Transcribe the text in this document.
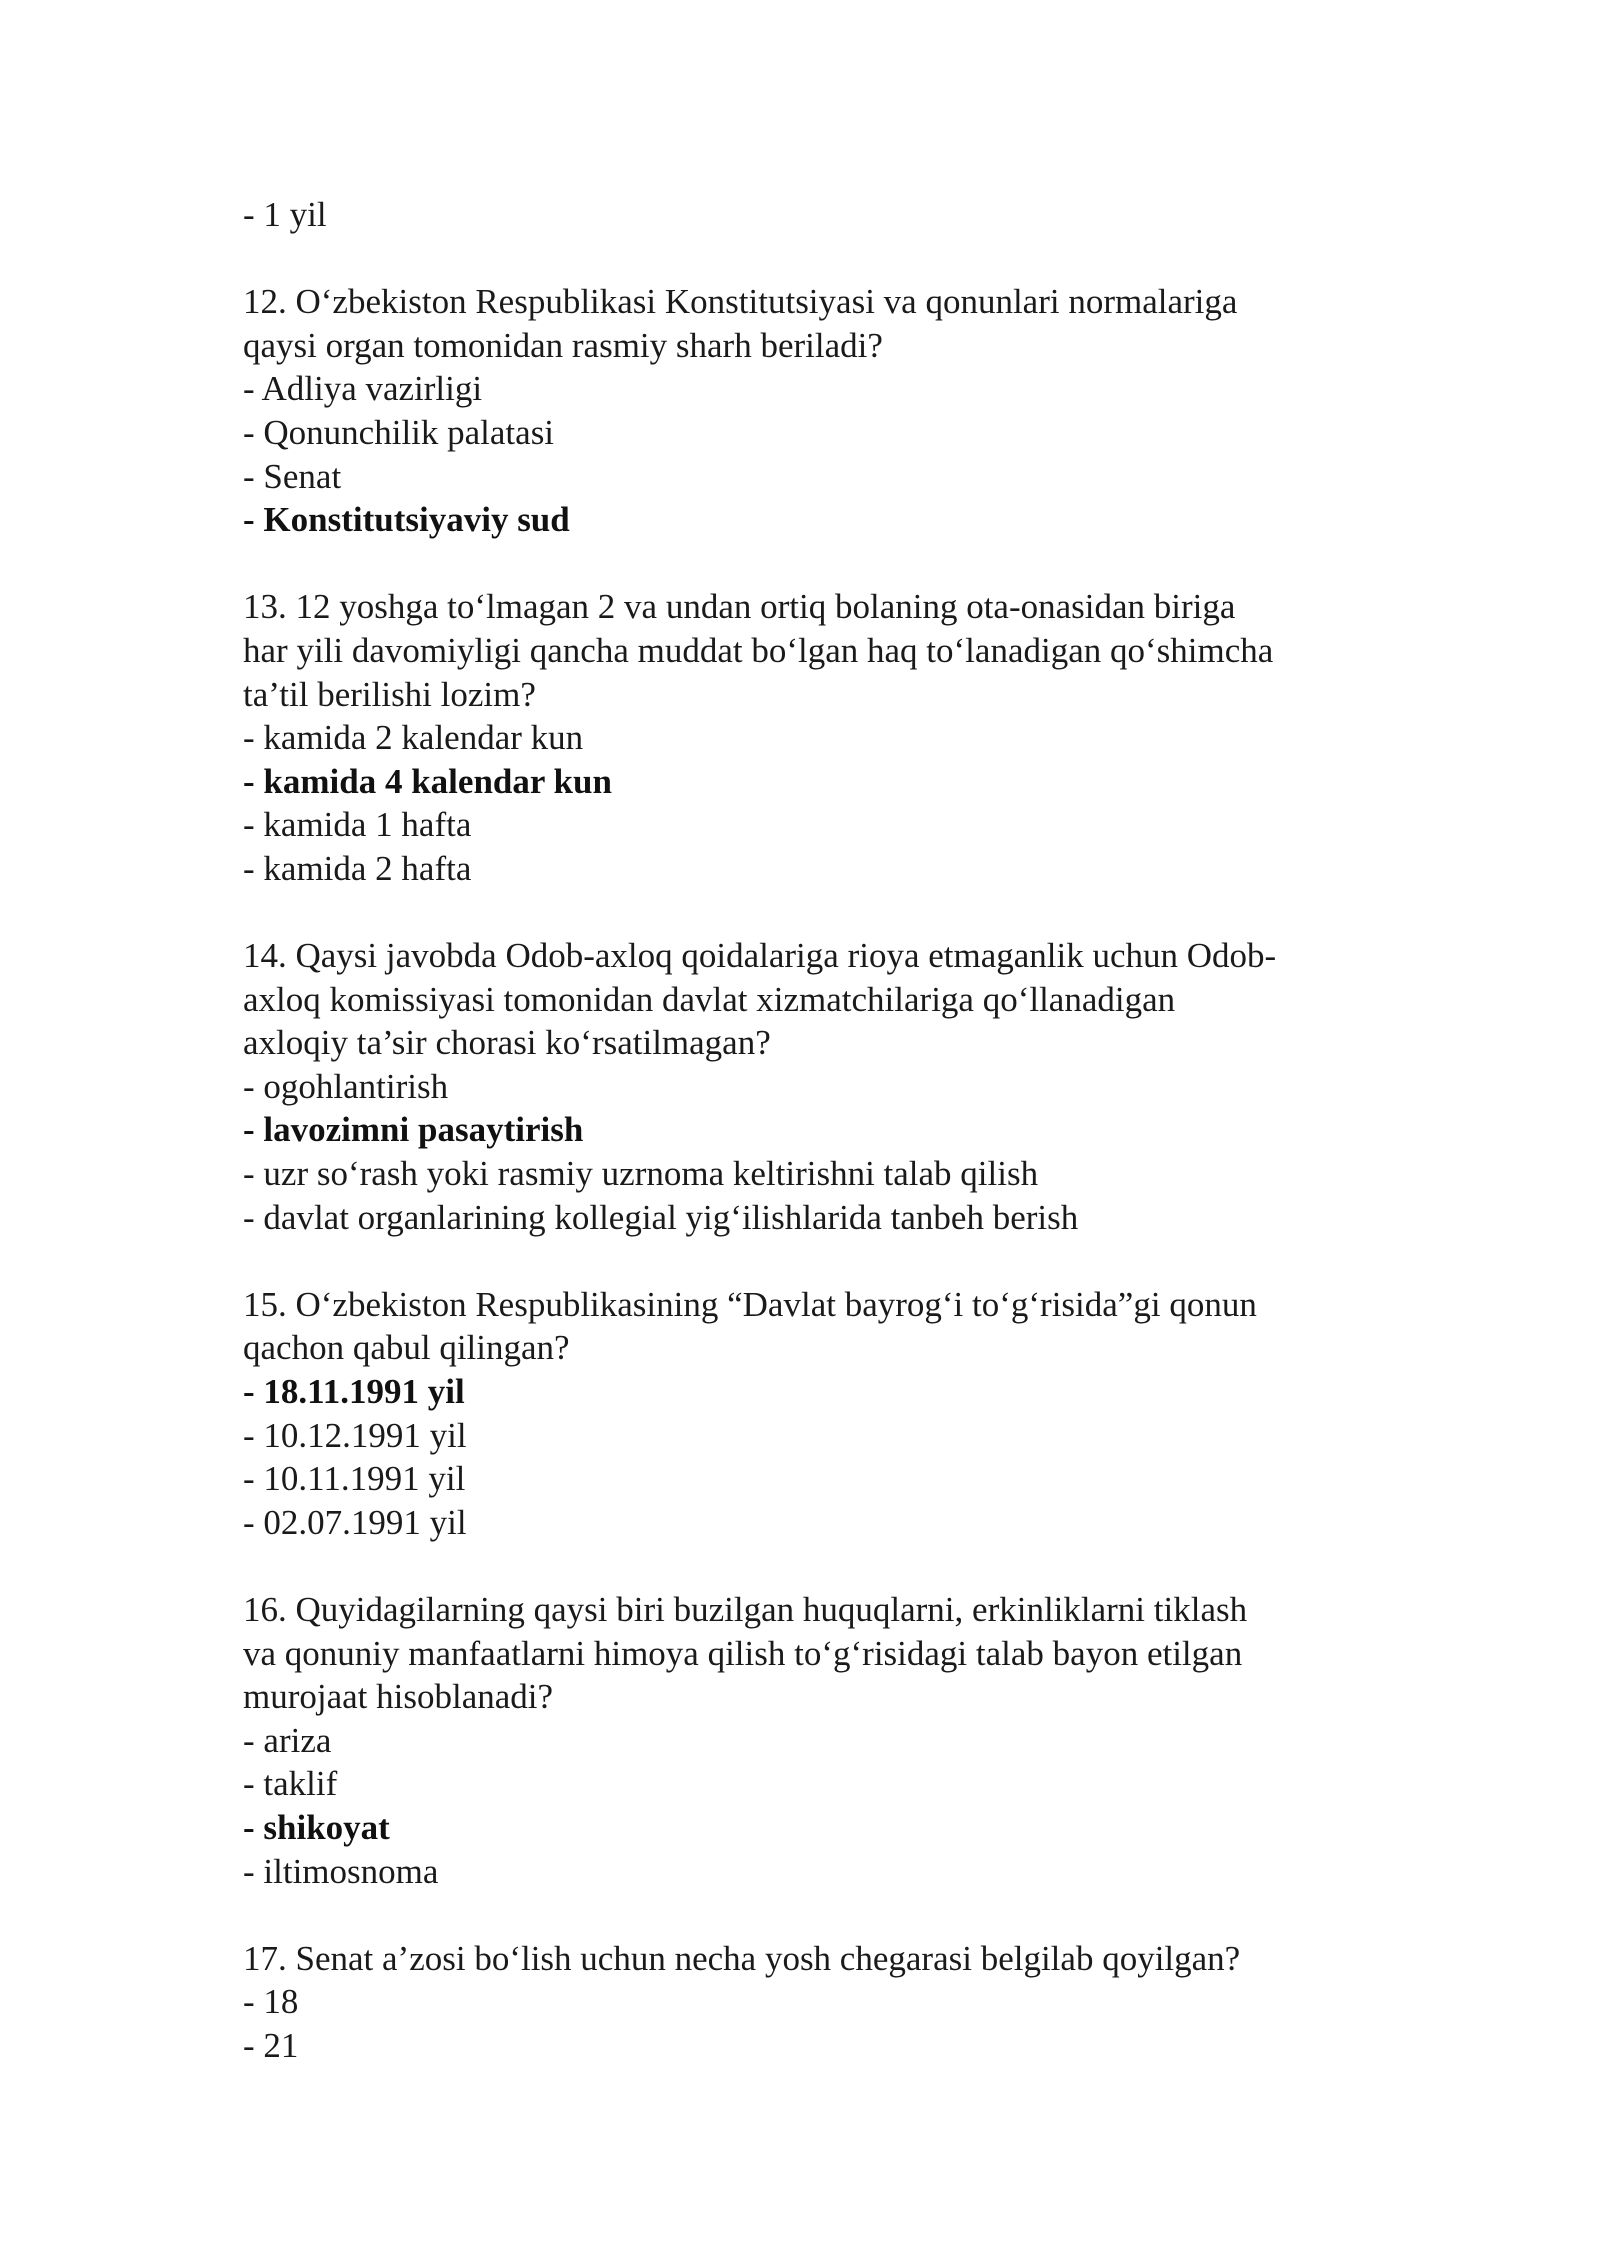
- 1 yil

12. O‘zbekiston Respublikasi Konstitutsiyasi va qonunlari normalariga

qaysi organ tomonidan rasmiy sharh beriladi?

- Adliya vazirligi

- Qonunchilik palatasi

- Senat

- Konstitutsiyaviy sud

13. 12 yoshga to‘lmagan 2 va undan ortiq bolaning ota-onasidan biriga

har yili davomiyligi qancha muddat bo‘lgan haq to‘lanadigan qo‘shimcha

ta’til berilishi lozim?

- kamida 2 kalendar kun

- kamida 4 kalendar kun

- kamida 1 hafta

- kamida 2 hafta

14. Qaysi javobda Odob-axloq qoidalariga rioya etmaganlik uchun Odob-

axloq komissiyasi tomonidan davlat xizmatchilariga qo‘llanadigan

axloqiy ta’sir chorasi ko‘rsatilmagan?

- ogohlantirish

- lavozimni pasaytirish

- uzr so‘rash yoki rasmiy uzrnoma keltirishni talab qilish

- davlat organlarining kollegial yig‘ilishlarida tanbeh berish

15. O‘zbekiston Respublikasining “Davlat bayrog‘i to‘g‘risida”gi qonun

qachon qabul qilingan?

- 18.11.1991 yil

- 10.12.1991 yil

- 10.11.1991 yil

- 02.07.1991 yil

16. Quyidagilarning qaysi biri buzilgan huquqlarni, erkinliklarni tiklash

va qonuniy manfaatlarni himoya qilish to‘g‘risidagi talab bayon etilgan

murojaat hisoblanadi?

- ariza

- taklif

- shikoyat

- iltimosnoma

17. Senat a’zosi bo‘lish uchun necha yosh chegarasi belgilab qoyilgan?

- 18

- 21
